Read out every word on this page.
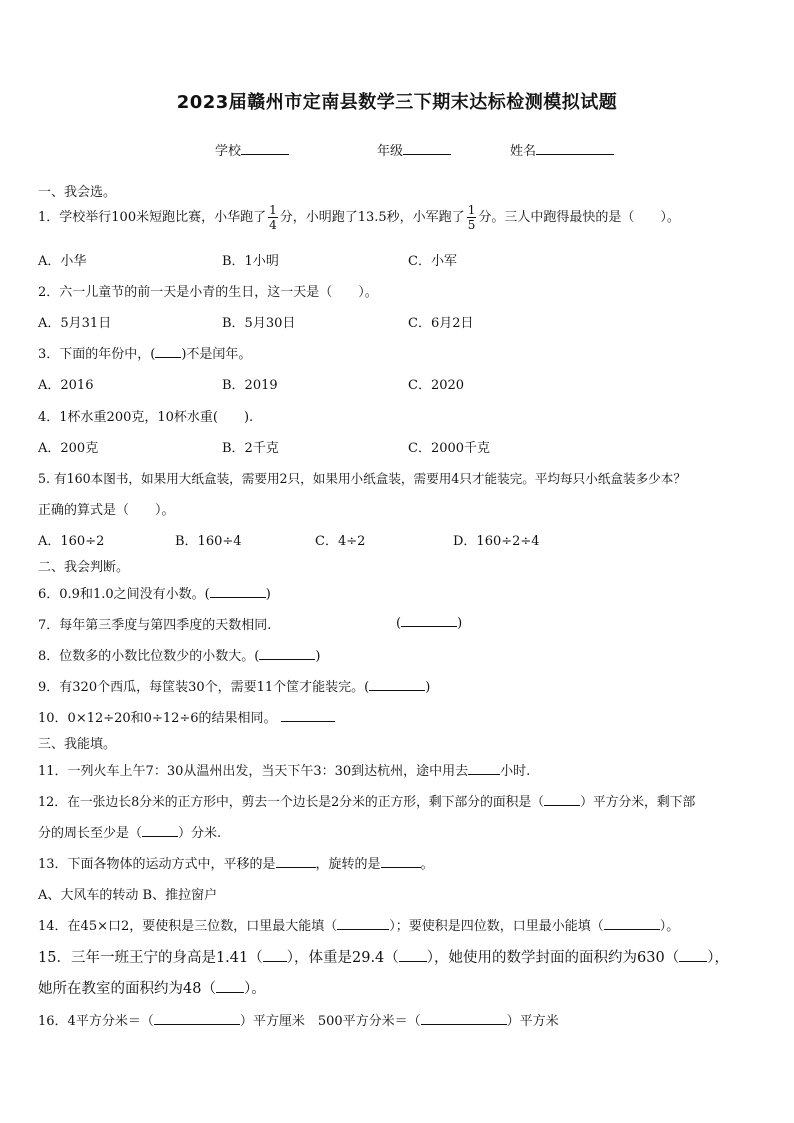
2023届赣州市定南县数学三下期末达标检测模拟试题
学校	年级	姓名
一、我会选。
1．学校举行100米短跑比赛，小华跑了 $\frac{1}{4}$ 分，小明跑了13.5秒，小军跑了 $\frac{1}{5}$ 分。三人中跑得最快的是（　　）。
A．小华	B．1小明	C．小军
2．六一儿童节的前一天是小青的生日，这一天是（　　）。
A．5月31日	B．5月30日	C．6月2日
3．下面的年份中，( )不是闰年。
A．2016	B．2019	C．2020
4．1杯水重200克，10杯水重(　　).
A．200克	B．2千克	C．2000千克
5. 有160本图书，如果用大纸盒装，需要用2只，如果用小纸盒装，需要用4只才能装完。平均每只小纸盒装多少本？
正确的算式是（　　）。
A．160÷2	B．160÷4	C．4÷2	D．160÷2÷4
二、我会判断。
6．0.9和1.0之间没有小数。(	)
7．每年第三季度与第四季度的天数相同.	(	)
8．位数多的小数比位数少的小数大。(	)
9．有320个西瓜，每筐装30个，需要11个筐才能装完。(	)
10．0×12÷20和0÷12÷6的结果相同。
三、我能填。
11．一列火车上午7：30从温州出发，当天下午3：30到达杭州，途中用去 小时.
12．在一张边长8分米的正方形中，剪去一个边长是2分米的正方形，剩下部分的面积是（	）平方分米，剩下部
分的周长至少是（	）分米.
13．下面各物体的运动方式中，平移的是	，旋转的是	。
A、大风车的转动 B、推拉窗户
14．在45×口2，要使积是三位数，口里最大能填（	）；要使积是四位数，口里最小能填（	）。
15．三年一班王宁的身高是1.41（ ），体重是29.4（ ），她使用的数学封面的面积约为630（ ），
她所在教室的面积约为48（ ）。
16．4平方分米＝（	）平方厘米　500平方分米＝（	）平方米
